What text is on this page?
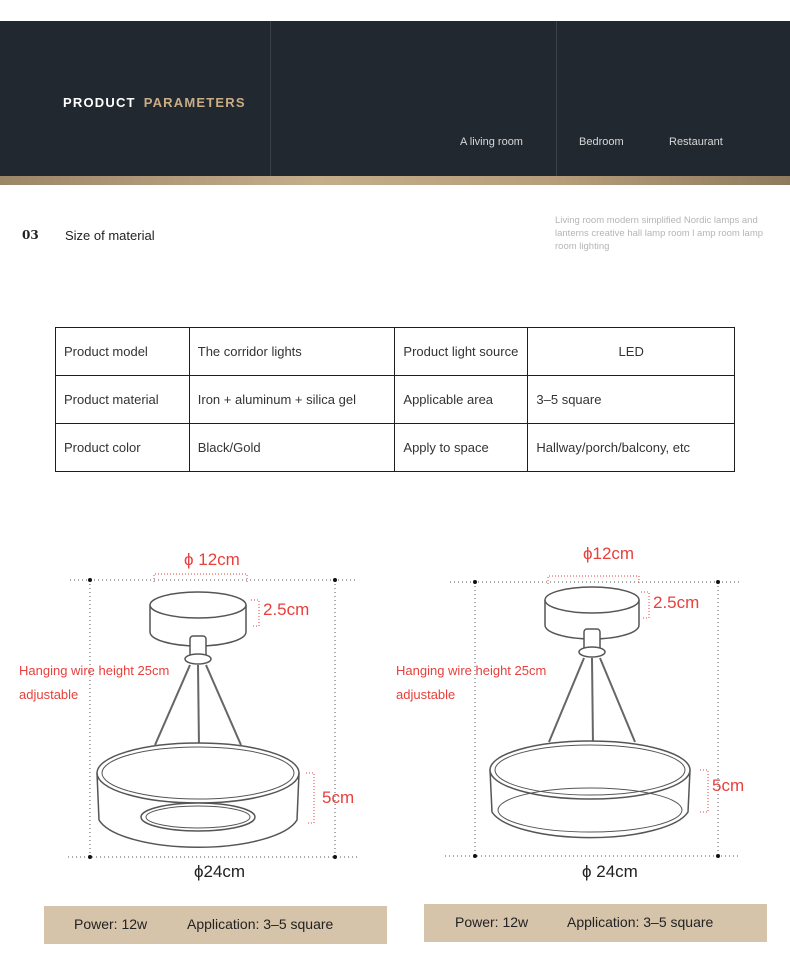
PRODUCT PARAMETERS
A living room	Bedroom	Restaurant
03 Size of material
Living room modern simplified Nordic lamps and lanterns creative hall lamp room l amp room lamp room lighting
Product model	The corridor lights	Product light source	LED
Product material	Iron + aluminum + silica gel	Applicable area	3–5 square
Product color	Black/Gold	Apply to space	Hallway/porch/balcony, etc
ϕ 12cm
2.5cm
Hanging wire height 25cm
adjustable
5cm
ϕ24cm
ϕ12cm
2.5cm
Hanging wire height 25cm
adjustable
5cm
ϕ 24cm
Power: 12w	Application: 3–5 square	Power: 12w	Application: 3–5 square
